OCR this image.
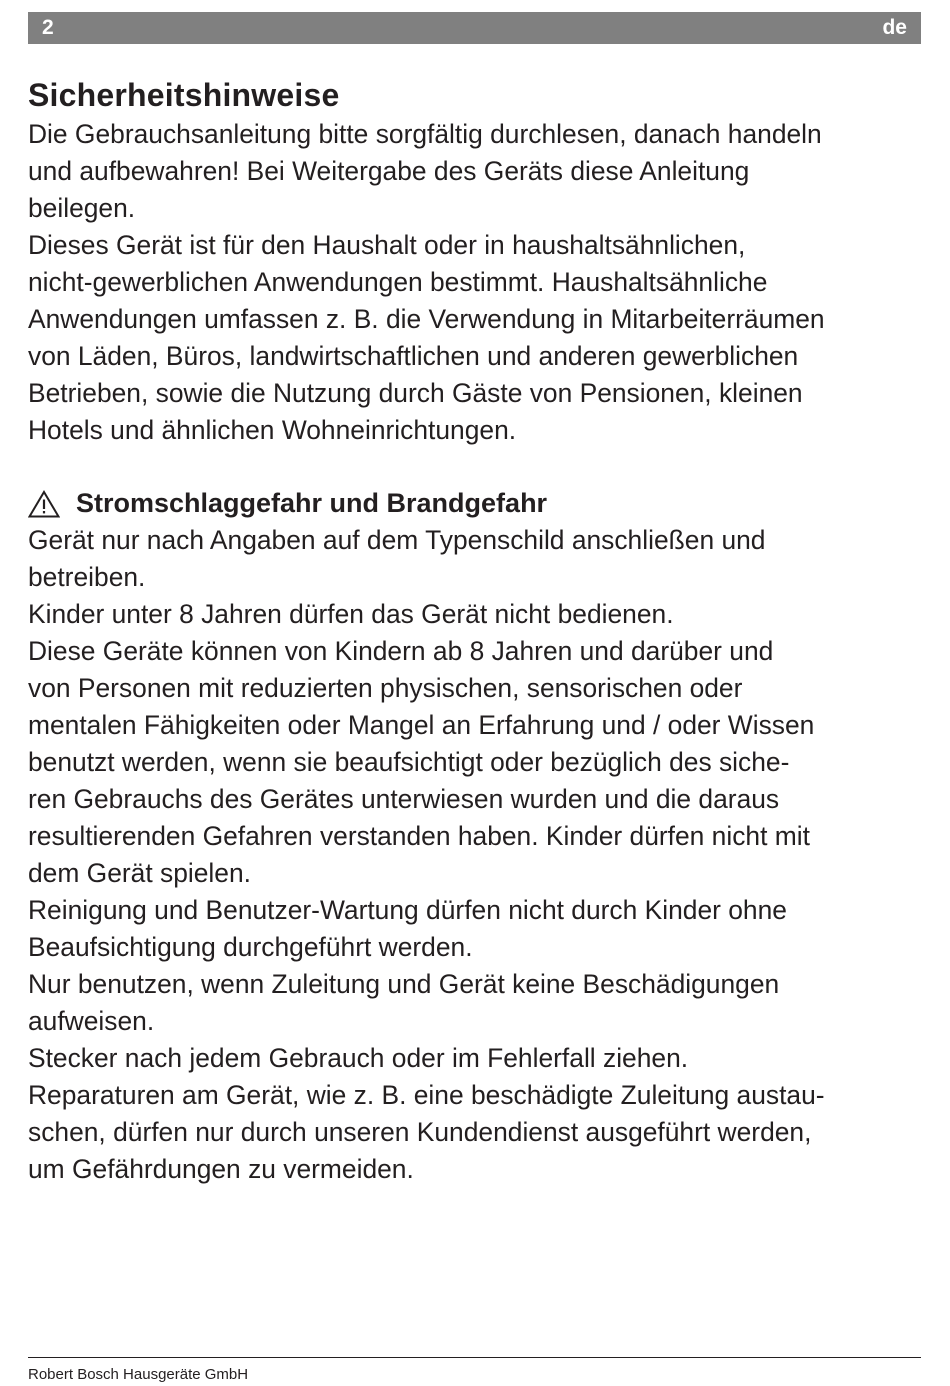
2	de
Sicherheitshinweise

Die Gebrauchsanleitung bitte sorgfältig durchlesen, danach handeln
und aufbewahren! Bei Weitergabe des Geräts diese Anleitung
beilegen.

Dieses Gerät ist für den Haushalt oder in haushaltsähnlichen,
nicht-gewerblichen Anwendungen bestimmt. Haushaltsähnliche
Anwendungen umfassen z. B. die Verwendung in Mitarbeiterräumen
von Läden, Büros, landwirtschaftlichen und anderen gewerblichen
Betrieben, sowie die Nutzung durch Gäste von Pensionen, kleinen
Hotels und ähnlichen Wohneinrichtungen.

Stromschlaggefahr und Brandgefahr

Gerät nur nach Angaben auf dem Typenschild anschließen und
betreiben.

Kinder unter 8 Jahren dürfen das Gerät nicht bedienen.

Diese Geräte können von Kindern ab 8 Jahren und darüber und
von Personen mit reduzierten physischen, sensorischen oder
mentalen Fähigkeiten oder Mangel an Erfahrung und / oder Wissen
benutzt werden, wenn sie beaufsichtigt oder bezüglich des siche-
ren Gebrauchs des Gerätes unterwiesen wurden und die daraus
resultierenden Gefahren verstanden haben. Kinder dürfen nicht mit
dem Gerät spielen.

Reinigung und Benutzer-Wartung dürfen nicht durch Kinder ohne
Beaufsichtigung durchgeführt werden.

Nur benutzen, wenn Zuleitung und Gerät keine Beschädigungen
aufweisen.

Stecker nach jedem Gebrauch oder im Fehlerfall ziehen.

Reparaturen am Gerät, wie z. B. eine beschädigte Zuleitung austau-
schen, dürfen nur durch unseren Kundendienst ausgeführt werden,
um Gefährdungen zu vermeiden.

Robert Bosch Hausgeräte GmbH
